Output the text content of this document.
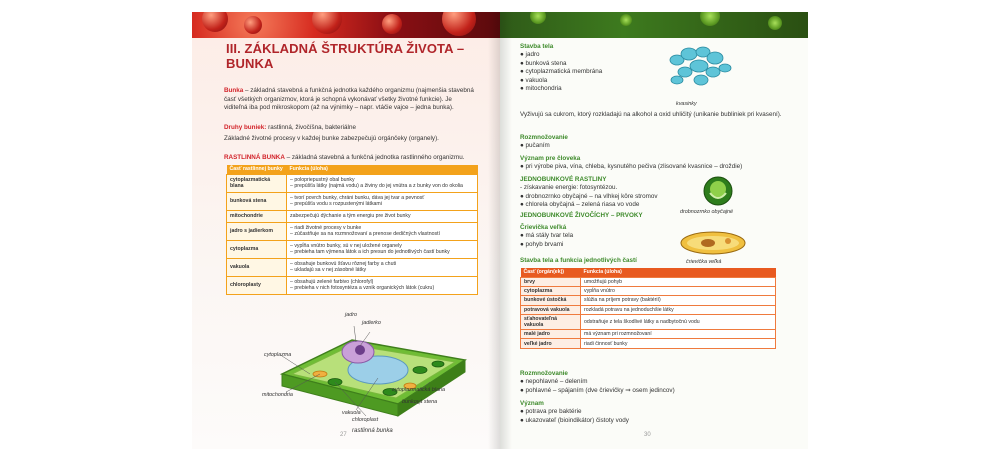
III. ZÁKLADNÁ ŠTRUKTÚRA ŽIVOTA – BUNKA
Bunka – základná stavebná a funkčná jednotka každého organizmu (najmenšia stavebná časť všetkých organizmov, ktorá je schopná vykonávať všetky životné funkcie). Je viditeľná iba pod mikroskopom (až na výnimky – napr. vtáčie vajce – jedna bunka).
Druhy buniek: rastlinná, živočíšna, bakteriálne
Základné životné procesy v každej bunke zabezpečujú orgánčeky (organely).
RASTLINNÁ BUNKA – základná stavebná a funkčná jednotka rastlinného organizmu.
Časť rastlinnej bunky	Funkcia (úloha)
cytoplazmatická blana	– polopriepustný obal bunky
– prepúšťa látky (najmä vodu) a živiny do jej vnútra a z bunky von do okolia

bunková stena	– tvorí povrch bunky, chráni bunku, dáva jej tvar a pevnosť
– prepúšťa vodu s rozpustenými látkami

mitochondrie	zabezpečujú dýchanie a tým energiu pre život bunky

jadro s jadierkom	– riadi životné procesy v bunke
– zúčastňuje sa na rozmnožovaní a prenose dedičných vlastností

cytoplazma	– vypĺňa vnútro bunky, sú v nej uložené organely
– prebieha tam výmena látok a ich presun do jednotlivých častí bunky

vakuola	– obsahuje bunkovú šťavu rôznej farby a chuti
– ukladajú sa v nej zásobné látky

chloroplasty	– obsahujú zelené farbivo (chlorofyl)
– prebieha v nich fotosyntéza a vznik organických látok (cukru)
jadro
jadierko
cytoplazma
mitochondria
vakuola
chloroplast
cytoplazmatická blana
bunková stena
rastlinná bunka
27
Stavba tela
● jadro
● bunková stena
● cytoplazmatická membrána
● vakuola
● mitochondria
kvasinky
Vyživujú sa cukrom, ktorý rozkladajú na alkohol a oxid uhličitý (unikanie bubliniek pri kvasení).
Rozmnožovanie
● pučaním
Význam pre človeka
● pri výrobe piva, vína, chleba, kysnutého pečiva (zlisované kvasnice – droždie)
JEDNOBUNKOVÉ RASTLINY
- získavanie energie: fotosyntézou.
● drobnozrnko obyčajné – na vlhkej kôre stromov
● chlorela obyčajná – zelená riasa vo vode
drobnozrnko obyčajné
JEDNOBUNKOVÉ ŽIVOČÍCHY – PRVOKY
Črievička veľká
● má stály tvar tela
● pohyb brvami
črievička veľká
Stavba tela a funkcia jednotlivých častí
Časť (orgán(ek))	Funkcia (úloha)
brvy	umožňujú pohyb
cytoplazma	vypĺňa vnútro
bunkové ústočká	slúžia na príjem potravy (baktérií)
potravová vakuola	rozkladá potravu na jednoduchšie látky
sťahovateľná vakuola	odstraňuje z tela škodlivé látky a nadbytočnú vodu
malé jadro	má význam pri rozmnožovaní
veľké jadro	riadi činnosť bunky
Rozmnožovanie
● nepohlavné – delením
● pohlavné – spájaním (dve črievičky ⇒ osem jedincov)
Význam
● potrava pre baktérie
● ukazovateľ (bioindikátor) čistoty vody
30
